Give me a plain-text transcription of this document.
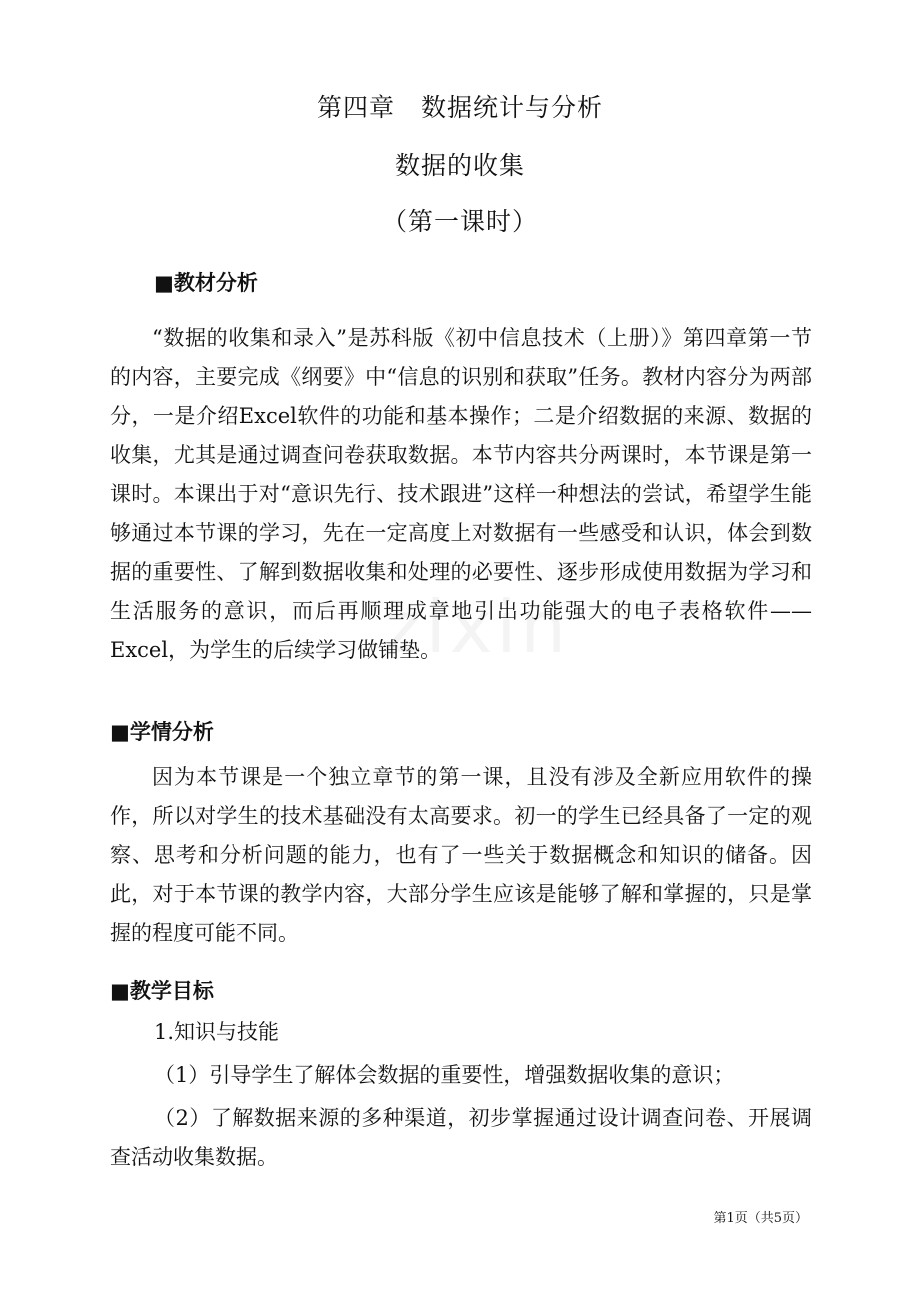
第四章　数据统计与分析
数据的收集
（第一课时）
■教材分析

“数据的收集和录入”是苏科版《初中信息技术（上册）》第四章第一节的内容，主要完成《纲要》中“信息的识别和获取”任务。教材内容分为两部分，一是介绍Excel软件的功能和基本操作；二是介绍数据的来源、数据的收集，尤其是通过调查问卷获取数据。本节内容共分两课时，本节课是第一课时。本课出于对“意识先行、技术跟进”这样一种想法的尝试，希望学生能够通过本节课的学习，先在一定高度上对数据有一些感受和认识，体会到数据的重要性、了解到数据收集和处理的必要性、逐步形成使用数据为学习和生活服务的意识，而后再顺理成章地引出功能强大的电子表格软件——Excel，为学生的后续学习做铺垫。

■学情分析

因为本节课是一个独立章节的第一课，且没有涉及全新应用软件的操作，所以对学生的技术基础没有太高要求。初一的学生已经具备了一定的观察、思考和分析问题的能力，也有了一些关于数据概念和知识的储备。因此，对于本节课的教学内容，大部分学生应该是能够了解和掌握的，只是掌握的程度可能不同。

■教学目标
1.知识与技能
（1）引导学生了解体会数据的重要性，增强数据收集的意识；

（2）了解数据来源的多种渠道，初步掌握通过设计调查问卷、开展调查活动收集数据。

第1页（共5页）
